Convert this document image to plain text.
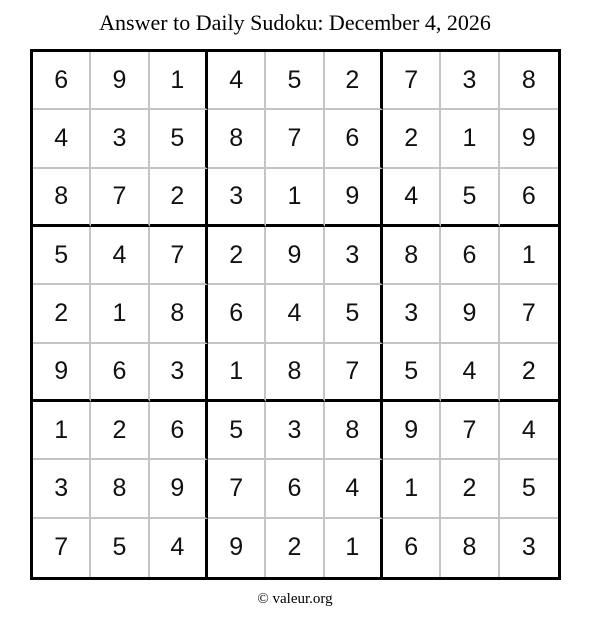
Answer to Daily Sudoku: December 4, 2026
6	9	1	4	5	2	7	3	8
4	3	5	8	7	6	2	1	9
8	7	2	3	1	9	4	5	6
5	4	7	2	9	3	8	6	1
2	1	8	6	4	5	3	9	7
9	6	3	1	8	7	5	4	2
1	2	6	5	3	8	9	7	4
3	8	9	7	6	4	1	2	5
7	5	4	9	2	1	6	8	3
© valeur.org
